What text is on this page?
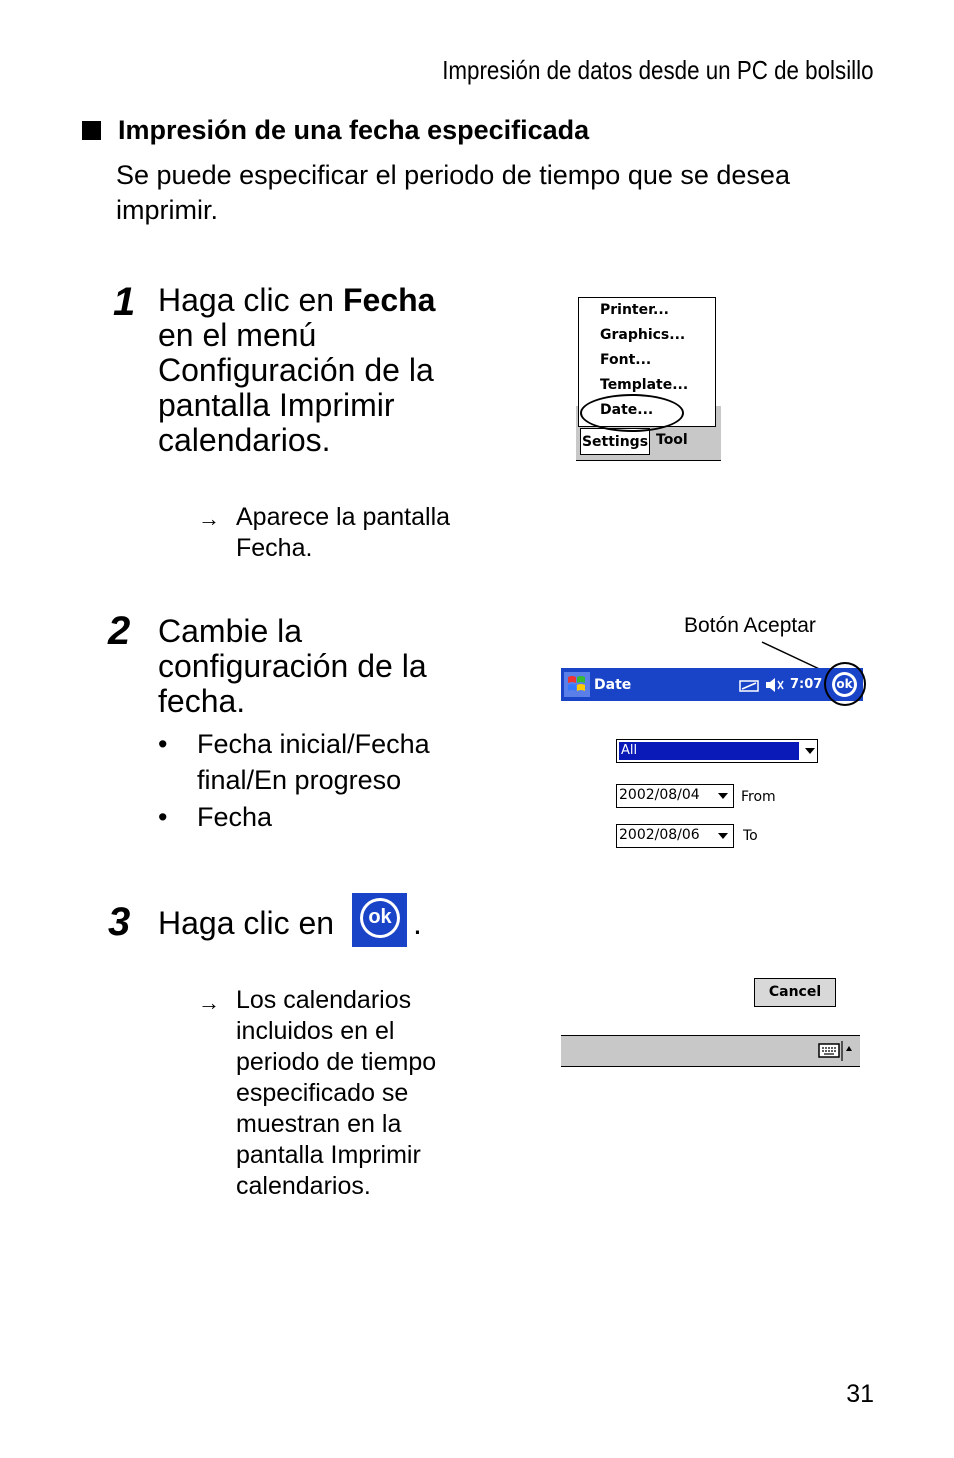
Impresión de datos desde un PC de bolsillo
Impresión de una fecha especificada
Se puede especificar el periodo de tiempo que se desea imprimir.
1 Haga clic en Fecha en el menú Configuración de la pantalla Imprimir calendarios.
→ Aparece la pantalla Fecha.
2 Cambie la configuración de la fecha.
• Fecha inicial/Fecha final/En progreso
• Fecha
3 Haga clic en ok .
→ Los calendarios incluidos en el periodo de tiempo especificado se muestran en la pantalla Imprimir calendarios.
Printer...
Graphics...
Font...
Template...
Date...
Settings Tool
Botón Aceptar
Date	7:07 ok
All
2002/08/04	From
2002/08/06	To
Cancel
31
